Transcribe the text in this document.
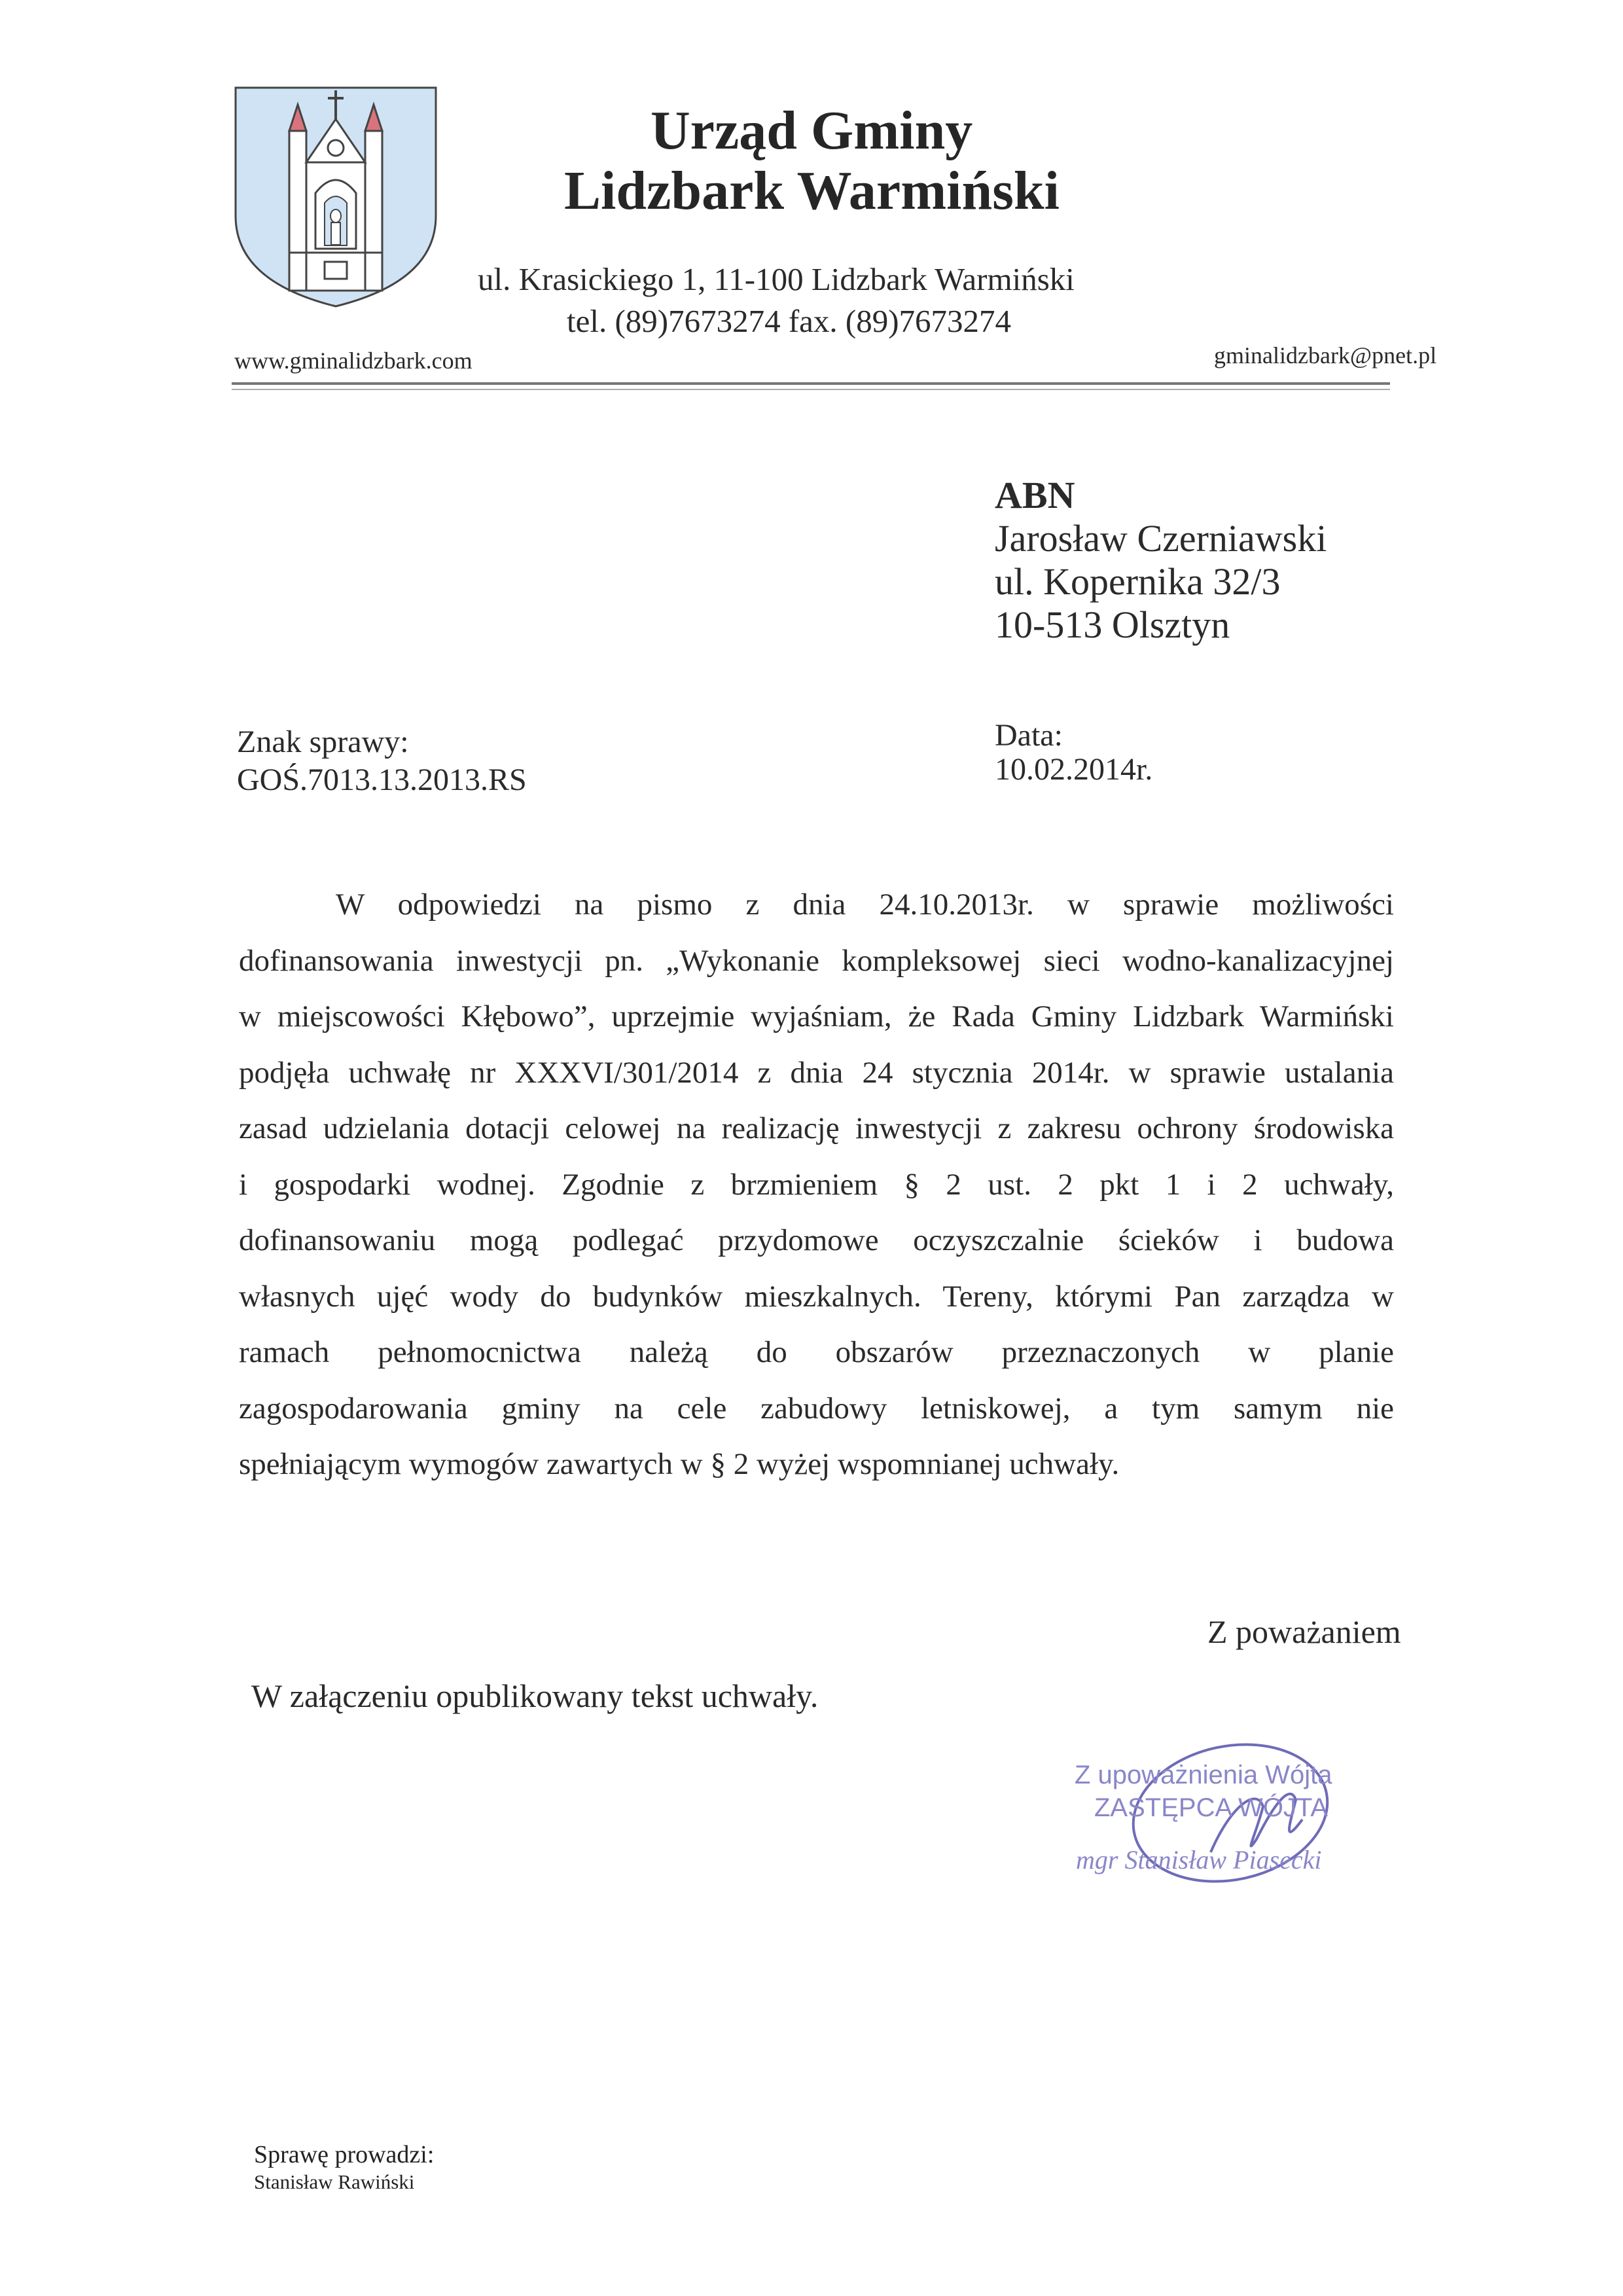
Urząd Gminy
Lidzbark Warmiński
ul. Krasickiego 1, 11-100 Lidzbark Warmiński
tel. (89)7673274 fax. (89)7673274
www.gminalidzbark.com	gminalidzbark@pnet.pl
ABN
Jarosław Czerniawski
ul. Kopernika 32/3
10-513 Olsztyn
Znak sprawy:
GOŚ.7013.13.2013.RS
Data:
10.02.2014r.
W odpowiedzi na pismo z dnia 24.10.2013r. w sprawie możliwości
dofinansowania inwestycji pn. „Wykonanie kompleksowej sieci wodno-kanalizacyjnej
w miejscowości Kłębowo”, uprzejmie wyjaśniam, że Rada Gminy Lidzbark Warmiński
podjęła uchwałę nr XXXVI/301/2014 z dnia 24 stycznia 2014r. w sprawie ustalania
zasad udzielania dotacji celowej na realizację inwestycji z zakresu ochrony środowiska
i gospodarki wodnej. Zgodnie z brzmieniem § 2 ust. 2 pkt 1 i 2 uchwały,
dofinansowaniu mogą podlegać przydomowe oczyszczalnie ścieków i budowa
własnych ujęć wody do budynków mieszkalnych. Tereny, którymi Pan zarządza w
ramach pełnomocnictwa należą do obszarów przeznaczonych w planie
zagospodarowania gminy na cele zabudowy letniskowej, a tym samym nie
spełniającym wymogów zawartych w § 2 wyżej wspomnianej uchwały.
Z poważaniem
W załączeniu opublikowany tekst uchwały.
Z upoważnienia Wójta
ZASTĘPCA WÓJTA
mgr Stanisław Piasecki
Sprawę prowadzi:
Stanisław Rawiński
